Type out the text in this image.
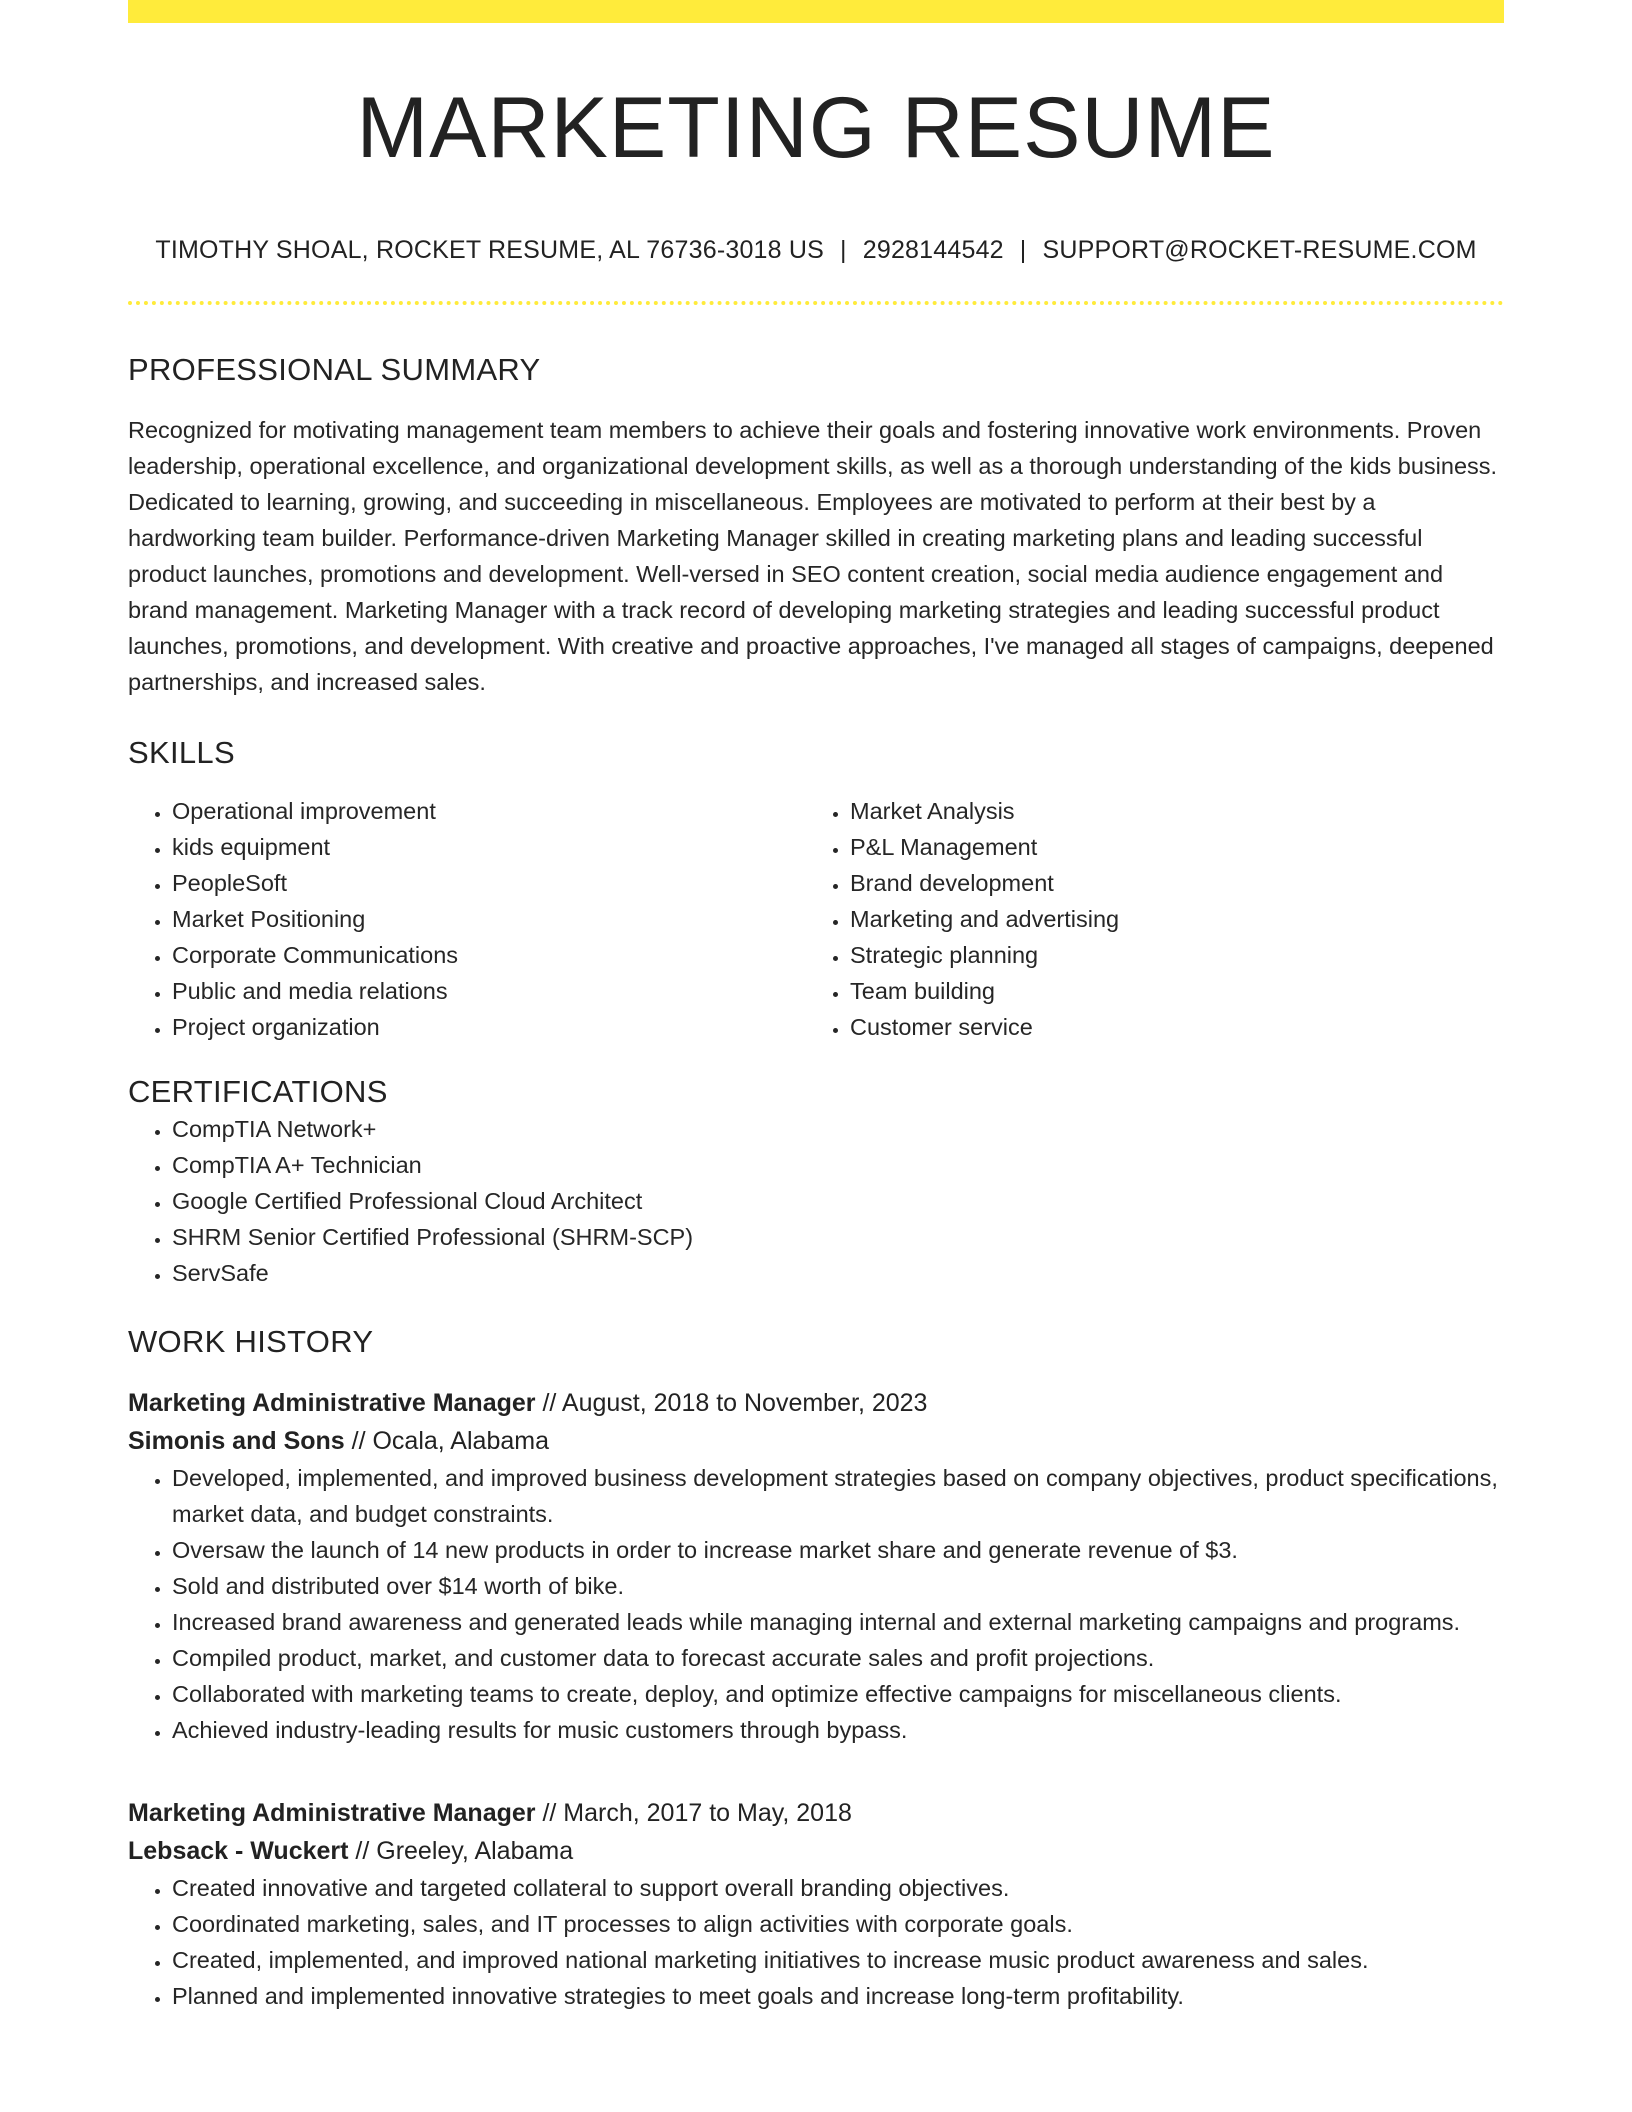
MARKETING RESUME
TIMOTHY SHOAL, ROCKET RESUME, AL 76736-3018 US | 2928144542 | SUPPORT@ROCKET-RESUME.COM
PROFESSIONAL SUMMARY

Recognized for motivating management team members to achieve their goals and fostering innovative work environments. Proven leadership, operational excellence, and organizational development skills, as well as a thorough understanding of the kids business. Dedicated to learning, growing, and succeeding in miscellaneous. Employees are motivated to perform at their best by a hardworking team builder. Performance-driven Marketing Manager skilled in creating marketing plans and leading successful product launches, promotions and development. Well-versed in SEO content creation, social media audience engagement and brand management. Marketing Manager with a track record of developing marketing strategies and leading successful product launches, promotions, and development. With creative and proactive approaches, I've managed all stages of campaigns, deepened partnerships, and increased sales.

SKILLS
• Operational improvement
• kids equipment
• PeopleSoft
• Market Positioning
• Corporate Communications
• Public and media relations
• Project organization
• Market Analysis
• P&L Management
• Brand development
• Marketing and advertising
• Strategic planning
• Team building
• Customer service
CERTIFICATIONS
• CompTIA Network+
• CompTIA A+ Technician
• Google Certified Professional Cloud Architect
• SHRM Senior Certified Professional (SHRM-SCP)
• ServSafe
WORK HISTORY
Marketing Administrative Manager // August, 2018 to November, 2023
Simonis and Sons // Ocala, Alabama
• Developed, implemented, and improved business development strategies based on company objectives, product specifications, market data, and budget constraints.
• Oversaw the launch of 14 new products in order to increase market share and generate revenue of $3.
• Sold and distributed over $14 worth of bike.
• Increased brand awareness and generated leads while managing internal and external marketing campaigns and programs.
• Compiled product, market, and customer data to forecast accurate sales and profit projections.
• Collaborated with marketing teams to create, deploy, and optimize effective campaigns for miscellaneous clients.
• Achieved industry-leading results for music customers through bypass.
Marketing Administrative Manager // March, 2017 to May, 2018
Lebsack - Wuckert // Greeley, Alabama
• Created innovative and targeted collateral to support overall branding objectives.
• Coordinated marketing, sales, and IT processes to align activities with corporate goals.
• Created, implemented, and improved national marketing initiatives to increase music product awareness and sales.
• Planned and implemented innovative strategies to meet goals and increase long-term profitability.
